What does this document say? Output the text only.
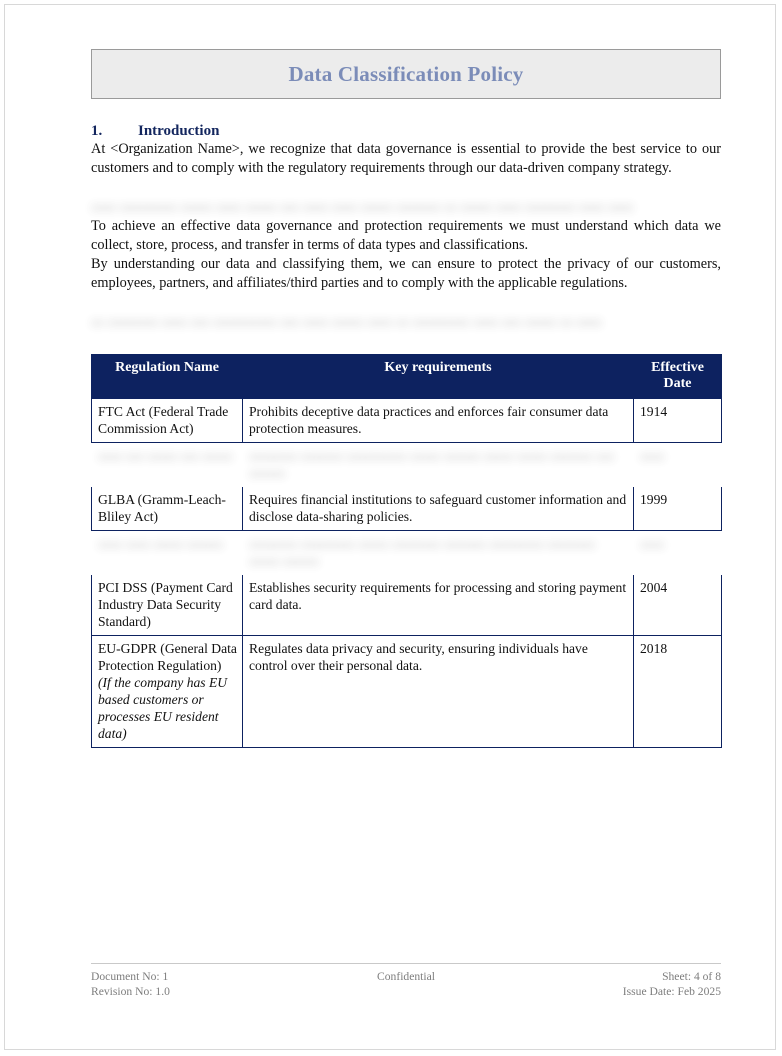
Data Classification Policy
1.	Introduction

At <Organization Name>, we recognize that data governance is essential to provide the best service to our customers and to comply with the regulatory requirements through our data-driven company strategy.

aaaa aaaaaaaaa aaaaa aaaa aaaaa aaa aaaa aaaa aaaaa aaaaaaa aa aaaaa aaaa aaaaaaaa aaaa aaaa

To achieve an effective data governance and protection requirements we must understand which data we collect, store, process, and transfer in terms of data types and classifications.

By understanding our data and classifying them, we can ensure to protect the privacy of our customers, employees, partners, and affiliates/third parties and to comply with the applicable regulations.

aa aaaaaaaa aaaa aaa aaaaaaaaaa aaa aaaa aaaaa aaaa aa aaaaaaaaa aaaa aaa aaaaa aa aaaa
Regulation Name	Key requirements	Effective Date
FTC Act (Federal Trade Commission Act)	Prohibits deceptive data practices and enforces fair consumer data protection measures.	1914

aaaa aaa aaaaa aaa aaaaa	aaaaaaaa aaaaaaa aaaaaaaaaa aaaaa aaaaaa aaaaa aaaaa aaaaaaa aaa aaaaaa	aaaa

GLBA (Gramm-Leach-Bliley Act)	Requires financial institutions to safeguard customer information and disclose data-sharing policies.	1999

aaaa aaaa aaaaa aaaaaa	aaaaaaaa aaaaaaaaa aaaaa aaaaaaaa aaaaaaa aaaaaaaaa aaaaaaaa aaaaa aaaaaa	aaaa

PCI DSS (Payment Card Industry Data Security Standard)	Establishes security requirements for processing and storing payment card data.	2004
EU-GDPR (General Data Protection Regulation)
(If the company has EU based customers or processes EU resident data)	Regulates data privacy and security, ensuring individuals have control over their personal data.	2018
Document No: 1	Confidential	Sheet: 4 of 8
Revision No: 1.0	Issue Date: Feb 2025
